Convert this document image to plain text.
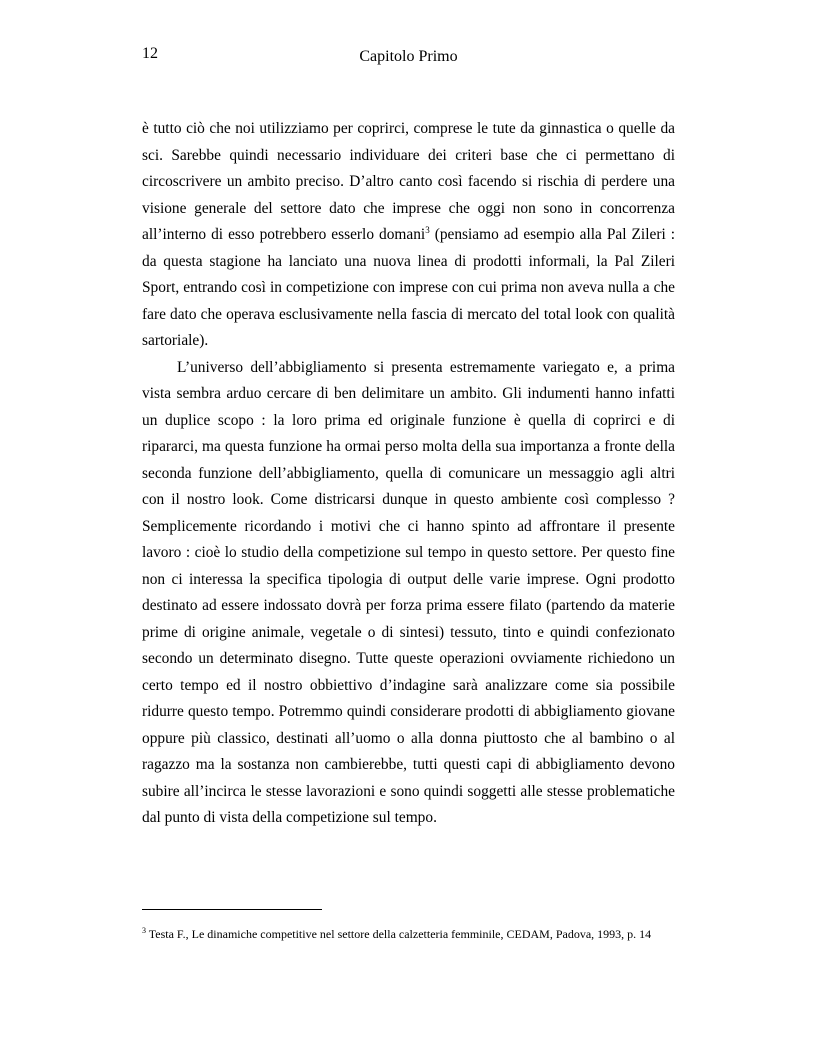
12	Capitolo Primo

è tutto ciò che noi utilizziamo per coprirci, comprese le tute da ginnastica o quelle da sci. Sarebbe quindi necessario individuare dei criteri base che ci permettano di circoscrivere un ambito preciso. D’altro canto così facendo si rischia di perdere una visione generale del settore dato che imprese che oggi non sono in concorrenza all’interno di esso potrebbero esserlo domani$^3$ (pensiamo ad esempio alla Pal Zileri : da questa stagione ha lanciato una nuova linea di prodotti informali, la Pal Zileri Sport, entrando così in competizione con imprese con cui prima non aveva nulla a che fare dato che operava esclusivamente nella fascia di mercato del total look con qualità sartoriale).

L’universo dell’abbigliamento si presenta estremamente variegato e, a prima vista sembra arduo cercare di ben delimitare un ambito. Gli indumenti hanno infatti un duplice scopo : la loro prima ed originale funzione è quella di coprirci e di ripararci, ma questa funzione ha ormai perso molta della sua importanza a fronte della seconda funzione dell’abbigliamento, quella di comunicare un messaggio agli altri con il nostro look. Come districarsi dunque in questo ambiente così complesso ? Semplicemente ricordando i motivi che ci hanno spinto ad affrontare il presente lavoro : cioè lo studio della competizione sul tempo in questo settore. Per questo fine non ci interessa la specifica tipologia di output delle varie imprese. Ogni prodotto destinato ad essere indossato dovrà per forza prima essere filato (partendo da materie prime di origine animale, vegetale o di sintesi) tessuto, tinto e quindi confezionato secondo un determinato disegno. Tutte queste operazioni ovviamente richiedono un certo tempo ed il nostro obbiettivo d’indagine sarà analizzare come sia possibile ridurre questo tempo. Potremmo quindi considerare prodotti di abbigliamento giovane oppure più classico, destinati all’uomo o alla donna piuttosto che al bambino o al ragazzo ma la sostanza non cambierebbe, tutti questi capi di abbigliamento devono subire all’incirca le stesse lavorazioni e sono quindi soggetti alle stesse problematiche dal punto di vista della competizione sul tempo.

$^3$ Testa F., Le dinamiche competitive nel settore della calzetteria femminile, CEDAM, Padova, 1993, p. 14
